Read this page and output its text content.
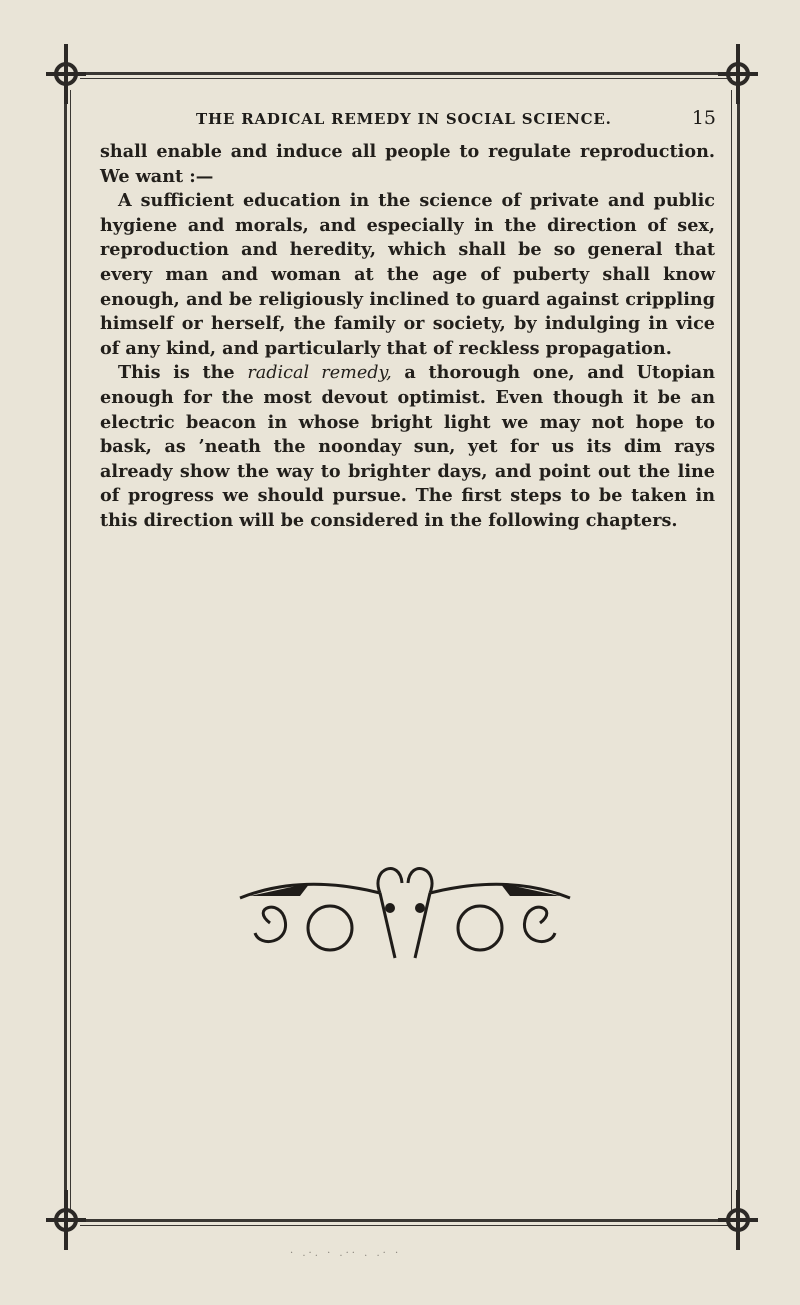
THE RADICAL REMEDY IN SOCIAL SCIENCE.	15

shall enable and induce all people to regulate reproduction. We want :—

A sufficient education in the science of private and public hygiene and morals, and especially in the direction of sex, reproduction and heredity, which shall be so general that every man and woman at the age of puberty shall know enough, and be religiously inclined to guard against crippling himself or herself, the family or society, by indulging in vice of any kind, and particularly that of reckless propagation.

This is the radical remedy, a thorough one, and Utopian enough for the most devout optimist. Even though it be an electric beacon in whose bright light we may not hope to bask, as ’neath the noonday sun, yet for us its dim rays already show the way to brighter days, and point out the line of progress we should pursue. The first steps to be taken in this direction will be considered in the following chapters.

· .·. · .·· . .· ·
